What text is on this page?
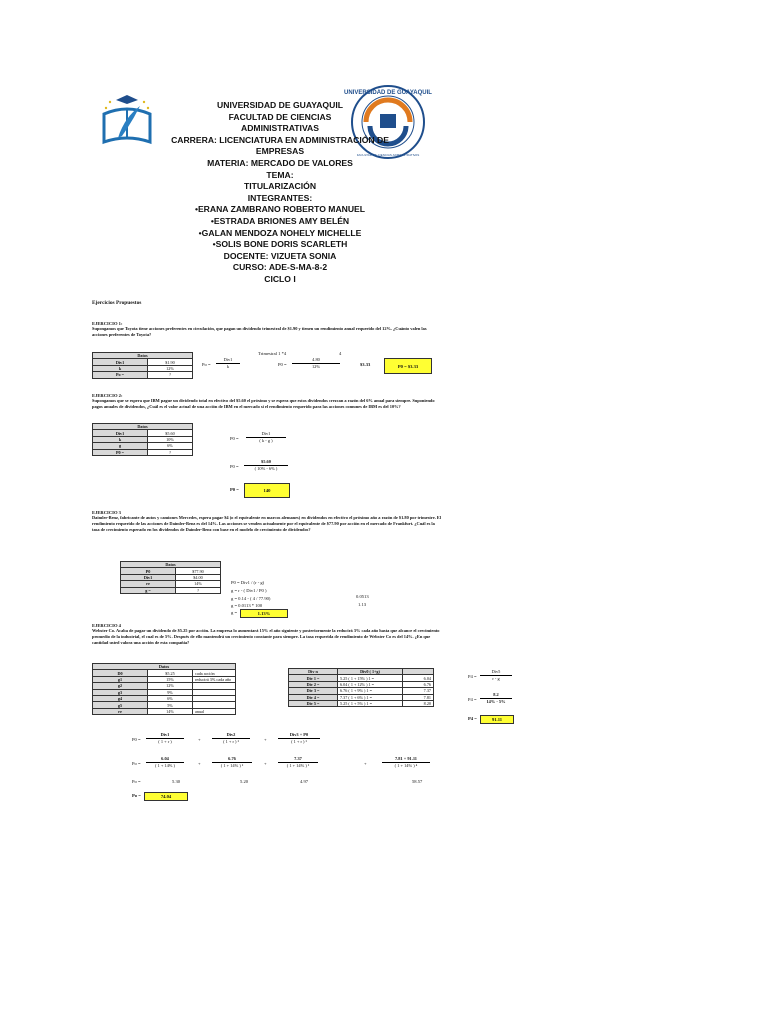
UNIVERSIDAD DE GUAYAQUIL
FACULTAD DE CIENCIAS ADMINISTRATIVAS
UNIVERSIDAD DE GUAYAQUIL
FACULTAD DE CIENCIAS
ADMINISTRATIVAS
CARRERA: LICENCIATURA EN ADMINISTRACIÓN DE
EMPRESAS
MATERIA: MERCADO DE VALORES
TEMA:
TITULARIZACIÓN
INTEGRANTES:
•ERANA ZAMBRANO ROBERTO MANUEL
•ESTRADA BRIONES AMY BELÉN
•GALAN MENDOZA NOHELY MICHELLE
•SOLIS BONE DORIS SCARLETH
DOCENTE: VIZUETA SONIA
CURSO: ADE-S-MA-8-2
CICLO I
Ejercicios Propuestos
EJERCICIO 1:
Supongamos que Toyota tiene acciones preferentes en circulación, que pagan un dividendo trimestral de $1.90 y tienen un rendimiento anual requerido del 12%. ¿Cuánto valen las acciones preferentes de Toyota?
Datos	
Div1	$1.90
k	12%
Po =	?
Po =
Div1
k
Trimestral 1 *4	4
$P0 = \frac{4.80}{12\%}$	$3.33	P0 = $3.33
EJERCICIO 2:
Supongamos que se espera que IBM pague un dividendo total en efectivo del $5.60 el próximo y se espera que estos dividendos crezcan a razón del 6% anual para siempre. Suponiendo pagos anuales de dividendos, ¿Cuál es el valor actual de una acción de IBM en el mercado si el rendimiento requerido para las acciones comunes de IBM es del 10%?
Datos	
Div1	$5.60
k	10%
g	6%
P0 =	?
P0 =
Div1
( k - g )
$P0 = \frac{\$5.60}{( 10\% - 6\% )}$
P0 =	140
EJERCICIO 3
Daimler-Benz, fabricante de autos y camiones Mercedes, espera pagar $4 (o el equivalente en marcos alemanes) en dividendos en efectivo el próximo año a razón de $1.80 por trimestre. El rendimiento requerido de las acciones de Daimler-Benz es del 14%. Las acciones se venden actualmente por el equivalente de $77.90 por acción en el mercado de Frankfurt. ¿Cuál es la tasa de crecimiento esperado en los dividendos de Daimler-Benz con base en el modelo de crecimiento de dividendos?
Datos	
P0	$77.90
Div1	$4.00
re	14%
g =	?
P0 = Div1 / (r - g)
g = r - ( Div1 / P0 )
g = 0.14 - ( 4 / 77.90)
g = 0.0113 * 100
0.0513
1.13
g =	1.13%
EJERCICIO 4
Webster Co. Acaba de pagar un dividendo de $5.25 por acción. La empresa lo aumentará 15% el año siguiente y posteriormente la reducirá 3% cada año hasta que alcance el crecimiento promedio de la industrial, el cual es de 5%. Después de ello mantendrá un crecimiento constante para siempre. La tasa requerida de rendimiento de Webster Co es del 14%. ¿En que cantidad usted valora una acción de esta compañía?
Datos		
D0	$5.25	cada acción
g1	15%	reducirá 3% cada año
g2	12%	
g3	9%	
g4	6%	
g5	5%	
re	14%	anual
Div n	Div0 ( 1+g)	
Div 1 =	5.25 ( 1 + 15% ) 1 =	6.04
Div 2 =	6.04 ( 1 + 12% ) 1 =	6.76
Div 3 =	6.76 ( 1 + 9% ) 1 =	7.37
Div 4 =	7.37 ( 1 + 6% ) 1 =	7.81
Div 5 =	5.25 ( 1 + 5% ) 1 =	8.20
P4 =
Div5
r - g
$P4 = \frac{8.2}{14\% - 5\%}$
P4 =	91.11
P0 =
Div1
( 1 + r )
Div2
( 1 + r ) ²
Div3 + P0
( 1 + r ) ³
+	+
$Po = \frac{6.04}{( 1 + 14\% )}$	$\frac{6.76}{\text{( 1 + 14\% ) ²}}$	$\frac{7.37}{\text{( 1 + 14\% ) ³}}$	$\frac{7.81 + 91.11}{\text{( 1 + 14\% ) ⁴}}$
+	+	+
Po =	5.30	5.20	4.97	58.57
Po =	74.04
